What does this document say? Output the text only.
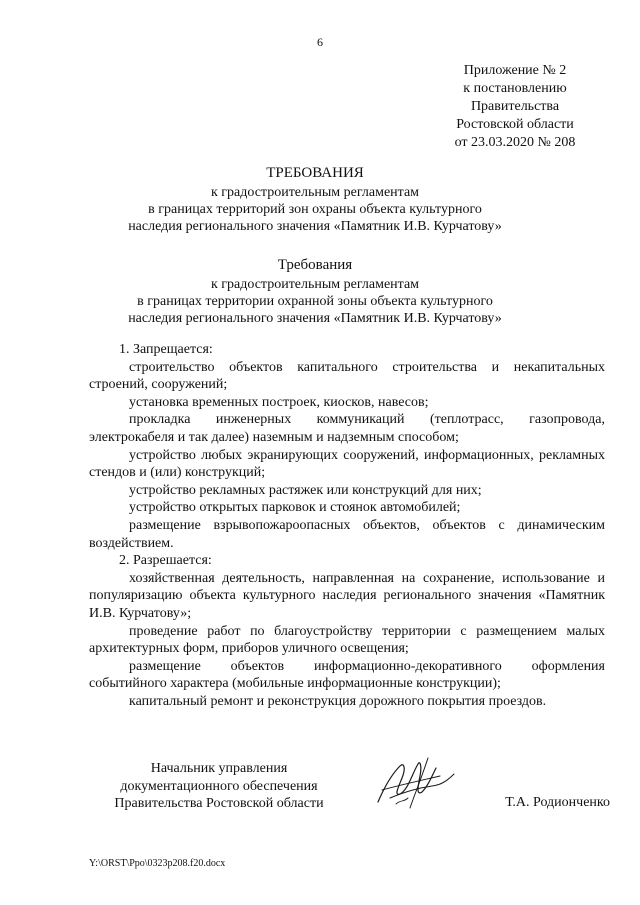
6
Приложение № 2
к постановлению
Правительства
Ростовской области
от 23.03.2020 № 208
ТРЕБОВАНИЯ
к градостроительным регламентам
в границах территорий зон охраны объекта культурного
наследия регионального значения «Памятник И.В. Курчатову»
Требования
к градостроительным регламентам
в границах территории охранной зоны объекта культурного
наследия регионального значения «Памятник И.В. Курчатову»

1. Запрещается:

строительство объектов капитального строительства и некапитальных строений, сооружений;

установка временных построек, киосков, навесов;

прокладка инженерных коммуникаций (теплотрасс, газопровода, электрокабеля и так далее) наземным и надземным способом;

устройство любых экранирующих сооружений, информационных, рекламных стендов и (или) конструкций;

устройство рекламных растяжек или конструкций для них;

устройство открытых парковок и стоянок автомобилей;

размещение взрывопожароопасных объектов, объектов с динамическим воздействием.

2. Разрешается:

хозяйственная деятельность, направленная на сохранение, использование и популяризацию объекта культурного наследия регионального значения «Памятник И.В. Курчатову»;

проведение работ по благоустройству территории с размещением малых архитектурных форм, приборов уличного освещения;

размещение объектов информационно-декоративного оформления событийного характера (мобильные информационные конструкции);

капитальный ремонт и реконструкция дорожного покрытия проездов.

Начальник управления
документационного обеспечения
Правительства Ростовской области	Т.А. Родионченко
Y:\ORST\Ppo\0323p208.f20.docx
